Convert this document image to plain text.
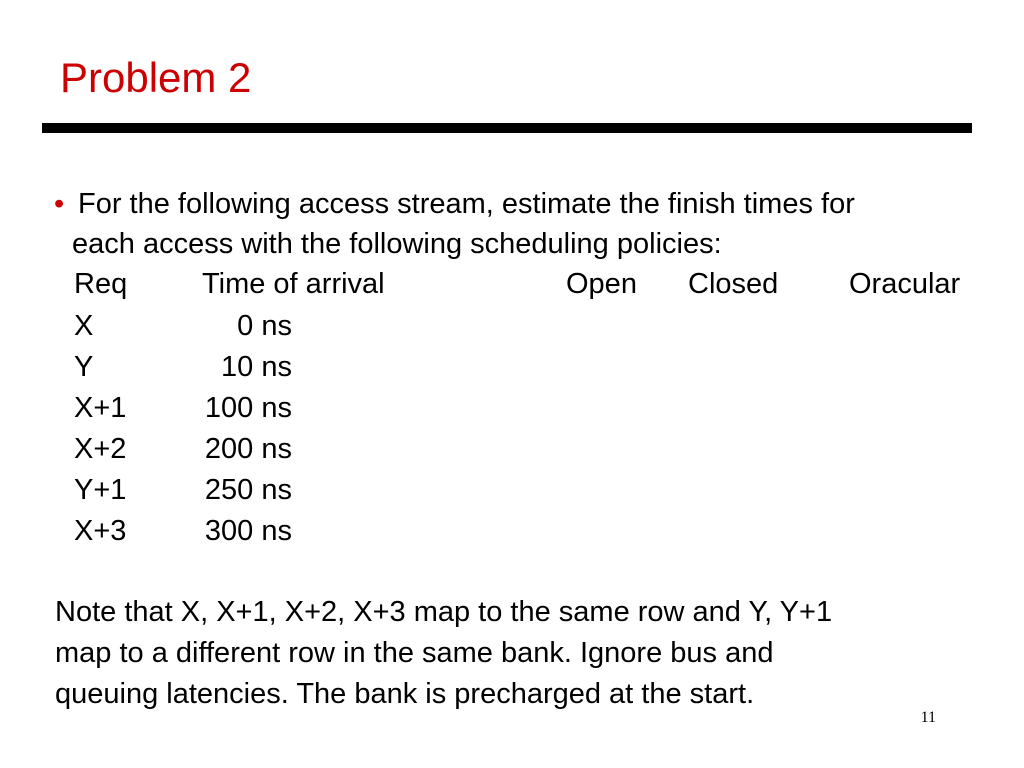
Problem 2
• For the following access stream, estimate the finish times for
each access with the following scheduling policies:
Req	Time of arrival	Open Closed Oracular
X	0 ns
Y	10 ns
X+1	100 ns
X+2	200 ns
Y+1	250 ns
X+3	300 ns
Note that X, X+1, X+2, X+3 map to the same row and Y, Y+1
map to a different row in the same bank. Ignore bus and
queuing latencies. The bank is precharged at the start.
11
